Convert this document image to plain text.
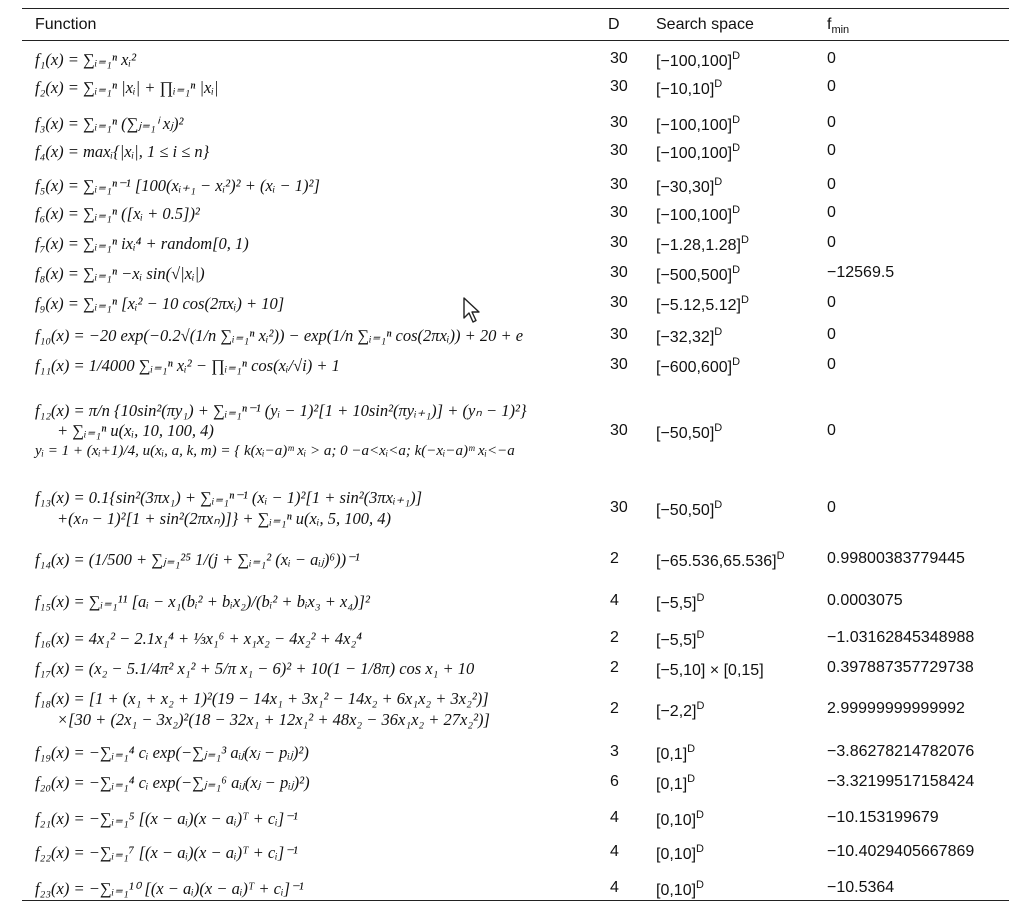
Function	D Search space	$f_{min}$
f₁(x) = ∑ᵢ₌₁ⁿ xᵢ²	30 $[-100,100]^D$	0
f₂(x) = ∑ᵢ₌₁ⁿ |xᵢ| + ∏ᵢ₌₁ⁿ |xᵢ|	30 $[-10,10]^D$	0
f₃(x) = ∑ᵢ₌₁ⁿ (∑ⱼ₌₁ⁱ xⱼ)²	30 $[-100,100]^D$	0
f₄(x) = maxᵢ{|xᵢ|, 1 ≤ i ≤ n}	30 $[-100,100]^D$	0
f₅(x) = ∑ᵢ₌₁ⁿ⁻¹ [100(xᵢ₊₁ − xᵢ²)² + (xᵢ − 1)²]	30 $[-30,30]^D$	0
f₆(x) = ∑ᵢ₌₁ⁿ ([xᵢ + 0.5])²	30 $[-100,100]^D$	0
f₇(x) = ∑ᵢ₌₁ⁿ ixᵢ⁴ + random[0, 1)	30 $[-1.28,1.28]^D$	0
f₈(x) = ∑ᵢ₌₁ⁿ −xᵢ sin(√|xᵢ|)	30 $[-500,500]^D$	−12569.5
f₉(x) = ∑ᵢ₌₁ⁿ [xᵢ² − 10 cos(2πxᵢ) + 10]	30 $[-5.12,5.12]^D$	0
f₁₀(x) = −20 exp(−0.2√(1/n ∑ᵢ₌₁ⁿ xᵢ²)) − exp(1/n ∑ᵢ₌₁ⁿ cos(2πxᵢ)) + 20 + e	30 $[-32,32]^D$	0
f₁₁(x) = 1/4000 ∑ᵢ₌₁ⁿ xᵢ² − ∏ᵢ₌₁ⁿ cos(xᵢ/√i) + 1	30 $[-600,600]^D$	0
f₁₂(x) = π/n {10sin²(πy₁) + ∑ᵢ₌₁ⁿ⁻¹ (yᵢ − 1)²[1 + 10sin²(πyᵢ₊₁)] + (yₙ − 1)²}
+ ∑ᵢ₌₁ⁿ u(xᵢ, 10, 100, 4)
yᵢ = 1 + (xᵢ+1)/4, u(xᵢ, a, k, m) = { k(xᵢ−a)ᵐ xᵢ > a; 0 −a<xᵢ<a; k(−xᵢ−a)ᵐ xᵢ<−a
30 $[-50,50]^D$	0
f₁₃(x) = 0.1{sin²(3πx₁) + ∑ᵢ₌₁ⁿ⁻¹ (xᵢ − 1)²[1 + sin²(3πxᵢ₊₁)]
+(xₙ − 1)²[1 + sin²(2πxₙ)]} + ∑ᵢ₌₁ⁿ u(xᵢ, 5, 100, 4)
30 $[-50,50]^D$	0
f₁₄(x) = (1/500 + ∑ⱼ₌₁²⁵ 1/(j + ∑ᵢ₌₁² (xᵢ − aᵢⱼ)⁶))⁻¹	2 $[-65.536,65.536]^D$	0.99800383779445
f₁₅(x) = ∑ᵢ₌₁¹¹ [aᵢ − x₁(bᵢ² + bᵢx₂)/(bᵢ² + bᵢx₃ + x₄)]²	4 $[-5,5]^D$	0.0003075
f₁₆(x) = 4x₁² − 2.1x₁⁴ + ⅓x₁⁶ + x₁x₂ − 4x₂² + 4x₂⁴	2 $[-5,5]^D$	−1.03162845348988
f₁₇(x) = (x₂ − 5.1/4π² x₁² + 5/π x₁ − 6)² + 10(1 − 1/8π) cos x₁ + 10	2 [−5,10] × [0,15]	0.397887357729738
f₁₈(x) = [1 + (x₁ + x₂ + 1)²(19 − 14x₁ + 3x₁² − 14x₂ + 6x₁x₂ + 3x₂²)]
×[30 + (2x₁ − 3x₂)²(18 − 32x₁ + 12x₁² + 48x₂ − 36x₁x₂ + 27x₂²)]
2 $[-2,2]^D$	2.99999999999992
f₁₉(x) = −∑ᵢ₌₁⁴ cᵢ exp(−∑ⱼ₌₁³ aᵢⱼ(xⱼ − pᵢⱼ)²)	3 $[0,1]^D$	−3.86278214782076
f₂₀(x) = −∑ᵢ₌₁⁴ cᵢ exp(−∑ⱼ₌₁⁶ aᵢⱼ(xⱼ − pᵢⱼ)²)	6 $[0,1]^D$	−3.32199517158424
f₂₁(x) = −∑ᵢ₌₁⁵ [(x − aᵢ)(x − aᵢ)ᵀ + cᵢ]⁻¹	4 $[0,10]^D$	−10.153199679
f₂₂(x) = −∑ᵢ₌₁⁷ [(x − aᵢ)(x − aᵢ)ᵀ + cᵢ]⁻¹	4 $[0,10]^D$	−10.4029405667869
f₂₃(x) = −∑ᵢ₌₁¹⁰ [(x − aᵢ)(x − aᵢ)ᵀ + cᵢ]⁻¹	4 $[0,10]^D$	−10.5364
